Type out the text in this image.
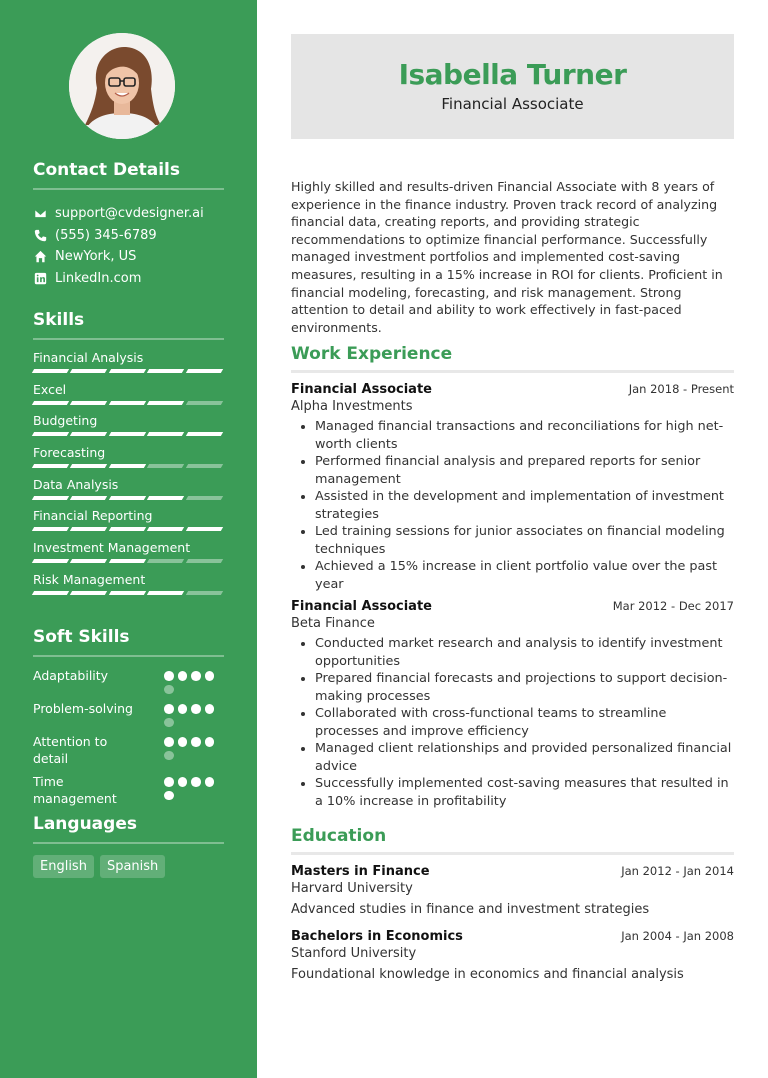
Contact Details
support@cvdesigner.ai
(555) 345-6789
NewYork, US
LinkedIn.com
Skills
Financial Analysis
Excel
Budgeting
Forecasting
Data Analysis
Financial Reporting
Investment Management
Risk Management
Soft Skills
Adaptability
Problem-solving
Attention to detail
Time management
Languages
English	Spanish
Isabella Turner
Financial Associate

Highly skilled and results-driven Financial Associate with 8 years of experience in the finance industry. Proven track record of analyzing financial data, creating reports, and providing strategic recommendations to optimize financial performance. Successfully managed investment portfolios and implemented cost-saving measures, resulting in a 15% increase in ROI for clients. Proficient in financial modeling, forecasting, and risk management. Strong attention to detail and ability to work effectively in fast-paced environments.

Work Experience
Financial Associate	Jan 2018 - Present
Alpha Investments
• Managed financial transactions and reconciliations for high net-worth clients
• Performed financial analysis and prepared reports for senior management
• Assisted in the development and implementation of investment strategies
• Led training sessions for junior associates on financial modeling techniques
• Achieved a 15% increase in client portfolio value over the past year
Financial Associate	Mar 2012 - Dec 2017
Beta Finance
• Conducted market research and analysis to identify investment opportunities
• Prepared financial forecasts and projections to support decision-making processes
• Collaborated with cross-functional teams to streamline processes and improve efficiency
• Managed client relationships and provided personalized financial advice
• Successfully implemented cost-saving measures that resulted in a 10% increase in profitability
Education
Masters in Finance	Jan 2012 - Jan 2014
Harvard University
Advanced studies in finance and investment strategies
Bachelors in Economics	Jan 2004 - Jan 2008
Stanford University
Foundational knowledge in economics and financial analysis
